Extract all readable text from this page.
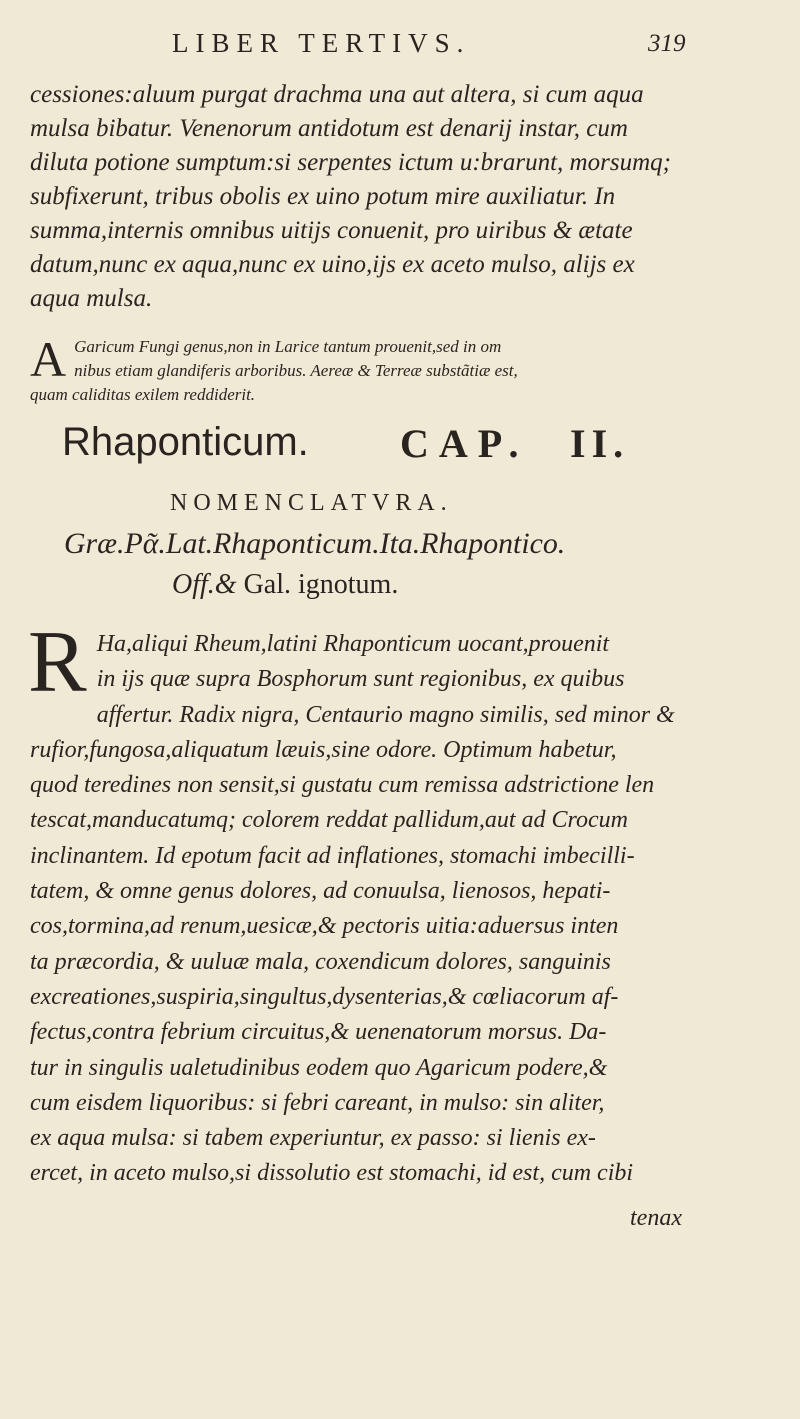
LIBER TERTIVS.	319
cessiones:aluum purgat drachma una aut altera, si cum aqua
mulsa bibatur. Venenorum antidotum est denarij instar, cum
diluta potione sumptum:si serpentes ictum u:brarunt, morsumq;
subfixerunt, tribus obolis ex uino potum mire auxiliatur. In
summa,internis omnibus uitijs conuenit, pro uiribus & ætate
datum,nunc ex aqua,nunc ex uino,ijs ex aceto mulso, alijs ex
aqua mulsa.
A Garicum Fungi genus,non in Larice tantum prouenit,sed in om
nibus etiam glandiferis arboribus. Aereæ & Terreæ substãtiæ est,
quam caliditas exilem reddiderit.
Rhaponticum. CAP. II.
NOMENCLATVRA.
Græ.Ρᾶ.Lat.Rhaponticum.Ita.Rhapontico.
Off.& Gal. ignotum.
R Ha,aliqui Rheum,latini Rhaponticum uocant,prouenit
in ijs quæ supra Bosphorum sunt regionibus, ex quibus
affertur. Radix nigra, Centaurio magno similis, sed minor &
rufior,fungosa,aliquatum læuis,sine odore. Optimum habetur,
quod teredines non sensit,si gustatu cum remissa adstrictione len
tescat,manducatumq; colorem reddat pallidum,aut ad Crocum
inclinantem. Id epotum facit ad inflationes, stomachi imbecilli-
tatem, & omne genus dolores, ad conuulsa, lienosos, hepati-
cos,tormina,ad renum,uesicæ,& pectoris uitia:aduersus inten
ta præcordia, & uuluæ mala, coxendicum dolores, sanguinis
excreationes,suspiria,singultus,dysenterias,& cœliacorum af-
fectus,contra febrium circuitus,& uenenatorum morsus. Da-
tur in singulis ualetudinibus eodem quo Agaricum podere,&
cum eisdem liquoribus: si febri careant, in mulso: sin aliter,
ex aqua mulsa: si tabem experiuntur, ex passo: si lienis ex-
ercet, in aceto mulso,si dissolutio est stomachi, id est, cum cibi
tenax
